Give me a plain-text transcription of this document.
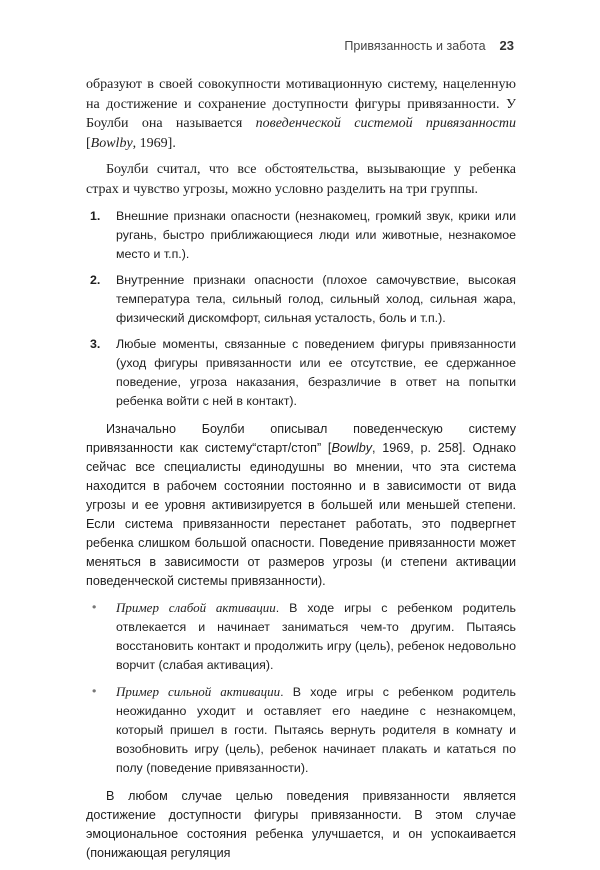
Привязанность и забота 23

образуют в своей совокупности мотивационную систему, нацеленную на достижение и сохранение доступности фигуры привязанности. У Боулби она называется поведенческой системой привязанности [Bowlby, 1969].

Боулби считал, что все обстоятельства, вызывающие у ребенка страх и чувство угрозы, можно условно разделить на три группы.

1. Внешние признаки опасности (незнакомец, громкий звук, крики или ругань, быстро приближающиеся люди или животные, незнакомое место и т.п.).
2. Внутренние признаки опасности (плохое самочувствие, высокая температура тела, сильный голод, сильный холод, сильная жара, физический дискомфорт, сильная усталость, боль и т.п.).
3. Любые моменты, связанные с поведением фигуры привязанности (уход фигуры привязанности или ее отсутствие, ее сдержанное поведение, угроза наказания, безразличие в ответ на попытки ребенка войти с ней в контакт).

Изначально Боулби описывал поведенческую систему привязанности как систему“старт/стоп” [Bowlby, 1969, p. 258]. Однако сейчас все специалисты единодушны во мнении, что эта система находится в рабочем состоянии постоянно и в зависимости от вида угрозы и ее уровня активизируется в большей или меньшей степени. Если система привязанности перестанет работать, это подвергнет ребенка слишком большой опасности. Поведение привязанности может меняться в зависимости от размеров угрозы (и степени активации поведенческой системы привязанности).

• Пример слабой активации. В ходе игры с ребенком родитель отвлекается и начинает заниматься чем-то другим. Пытаясь восстановить контакт и продолжить игру (цель), ребенок недовольно ворчит (слабая активация).
• Пример сильной активации. В ходе игры с ребенком родитель неожиданно уходит и оставляет его наедине с незнакомцем, который пришел в гости. Пытаясь вернуть родителя в комнату и возобновить игру (цель), ребенок начинает плакать и кататься по полу (поведение привязанности).

В любом случае целью поведения привязанности является достижение доступности фигуры привязанности. В этом случае эмоциональное состояния ребенка улучшается, и он успокаивается (понижающая регуляция
